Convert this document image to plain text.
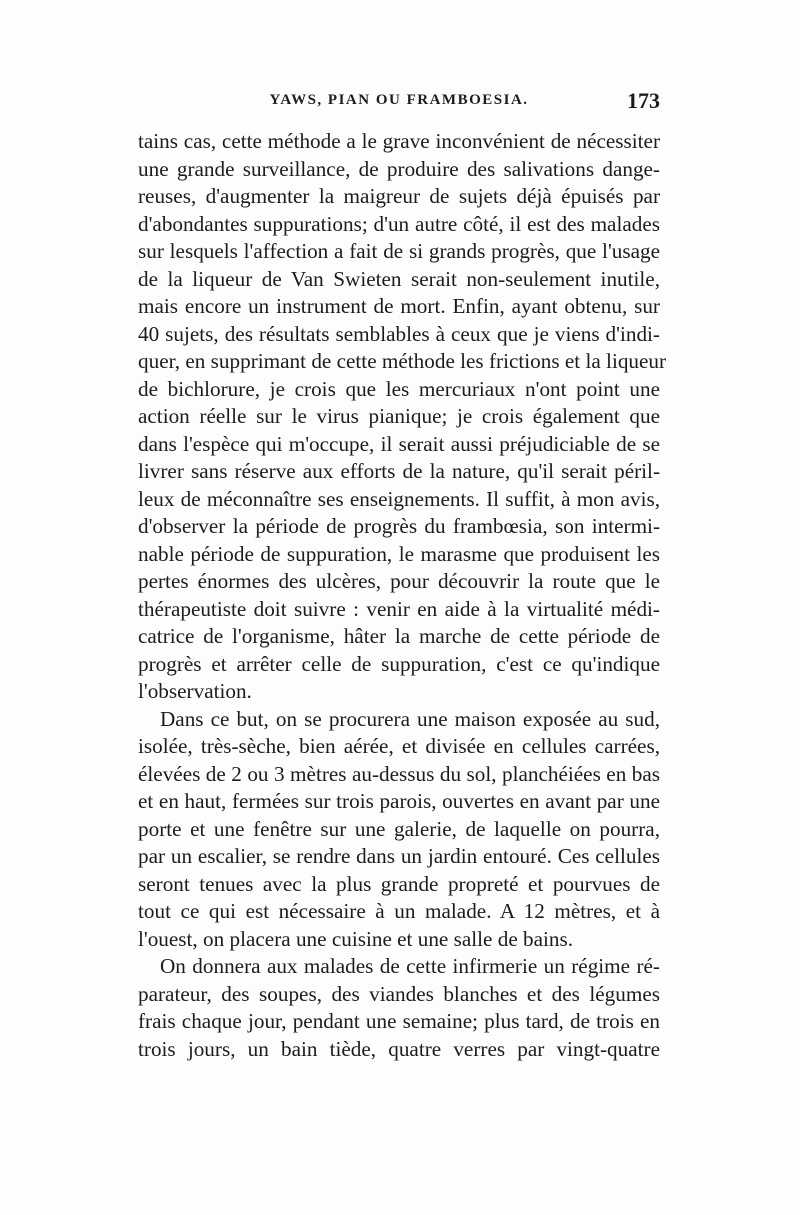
YAWS, PIAN OU FRAMBOESIA.	173
tains cas, cette méthode a le grave inconvénient de nécessiter
une grande surveillance, de produire des salivations dange-
reuses, d'augmenter la maigreur de sujets déjà épuisés par
d'abondantes suppurations; d'un autre côté, il est des malades
sur lesquels l'affection a fait de si grands progrès, que l'usage
de la liqueur de Van Swieten serait non-seulement inutile,
mais encore un instrument de mort. Enfin, ayant obtenu, sur
40 sujets, des résultats semblables à ceux que je viens d'indi-
quer, en supprimant de cette méthode les frictions et la liqueur
de bichlorure, je crois que les mercuriaux n'ont point une
action réelle sur le virus pianique; je crois également que
dans l'espèce qui m'occupe, il serait aussi préjudiciable de se
livrer sans réserve aux efforts de la nature, qu'il serait péril-
leux de méconnaître ses enseignements. Il suffit, à mon avis,
d'observer la période de progrès du frambœsia, son intermi-
nable période de suppuration, le marasme que produisent les
pertes énormes des ulcères, pour découvrir la route que le
thérapeutiste doit suivre : venir en aide à la virtualité médi-
catrice de l'organisme, hâter la marche de cette période de
progrès et arrêter celle de suppuration, c'est ce qu'indique
l'observation.
Dans ce but, on se procurera une maison exposée au sud,
isolée, très-sèche, bien aérée, et divisée en cellules carrées,
élevées de 2 ou 3 mètres au-dessus du sol, planchéiées en bas
et en haut, fermées sur trois parois, ouvertes en avant par une
porte et une fenêtre sur une galerie, de laquelle on pourra,
par un escalier, se rendre dans un jardin entouré. Ces cellules
seront tenues avec la plus grande propreté et pourvues de
tout ce qui est nécessaire à un malade. A 12 mètres, et à
l'ouest, on placera une cuisine et une salle de bains.
On donnera aux malades de cette infirmerie un régime ré-
parateur, des soupes, des viandes blanches et des légumes
frais chaque jour, pendant une semaine; plus tard, de trois en
trois jours, un bain tiède, quatre verres par vingt-quatre
